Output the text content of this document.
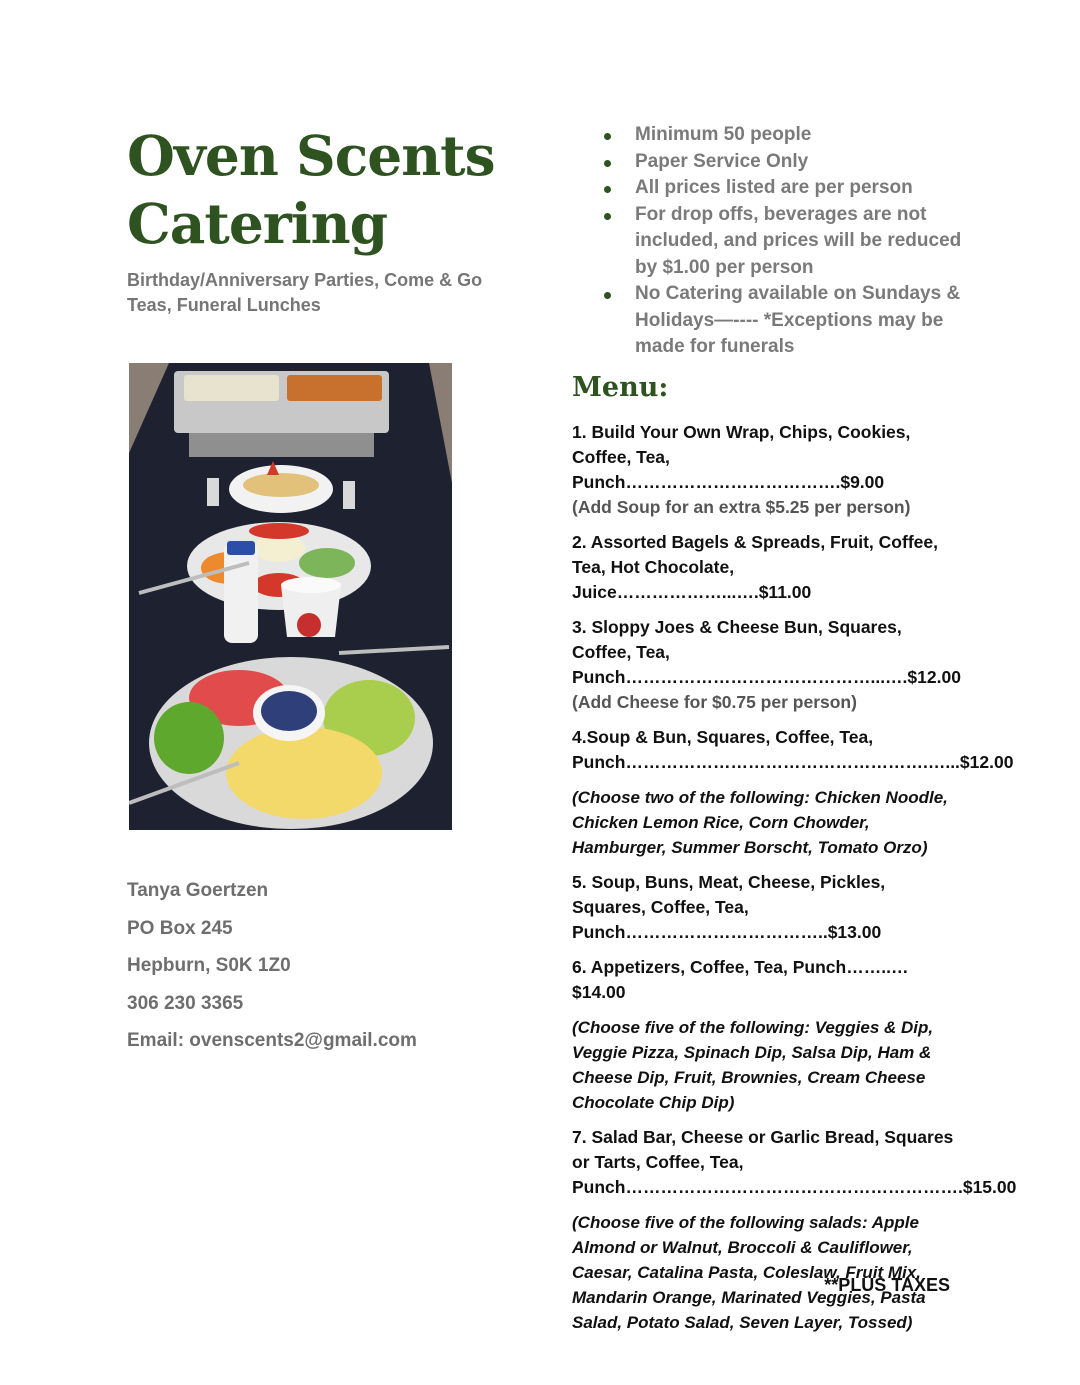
Oven Scents Catering

Birthday/Anniversary Parties, Come & Go Teas, Funeral Lunches

Tanya Goertzen
PO Box 245
Hepburn, S0K 1Z0
306 230 3365
Email: ovenscents2@gmail.com
Minimum 50 people
Paper Service Only
All prices listed are per person
For drop offs, beverages are not included, and prices will be reduced by $1.00 per person
No Catering available on Sundays & Holidays—---- *Exceptions may be made for funerals
Menu:
1. Build Your Own Wrap, Chips, Cookies, Coffee, Tea, Punch……………………………….$9.00
(Add Soup for an extra $5.25 per person)
2. Assorted Bagels & Spreads, Fruit, Coffee, Tea, Hot Chocolate, Juice………………...….$11.00
3. Sloppy Joes & Cheese Bun, Squares, Coffee, Tea, Punch……………………………………...….$12.00
(Add Cheese for $0.75 per person)
4.Soup & Bun, Squares, Coffee, Tea, Punch…………………………………………….…...$12.00
(Choose two of the following: Chicken Noodle, Chicken Lemon Rice, Corn Chowder, Hamburger, Summer Borscht, Tomato Orzo)
5. Soup, Buns, Meat, Cheese, Pickles, Squares, Coffee, Tea, Punch……………………………..$13.00
6. Appetizers, Coffee, Tea, Punch……..…$14.00
(Choose five of the following: Veggies & Dip, Veggie Pizza, Spinach Dip, Salsa Dip, Ham & Cheese Dip, Fruit, Brownies, Cream Cheese Chocolate Chip Dip)
7. Salad Bar, Cheese or Garlic Bread, Squares or Tarts, Coffee, Tea, Punch………………………………………………….$15.00
(Choose five of the following salads: Apple Almond or Walnut, Broccoli & Cauliflower, Caesar, Catalina Pasta, Coleslaw, Fruit Mix, Mandarin Orange, Marinated Veggies, Pasta Salad, Potato Salad, Seven Layer, Tossed)
**PLUS TAXES
